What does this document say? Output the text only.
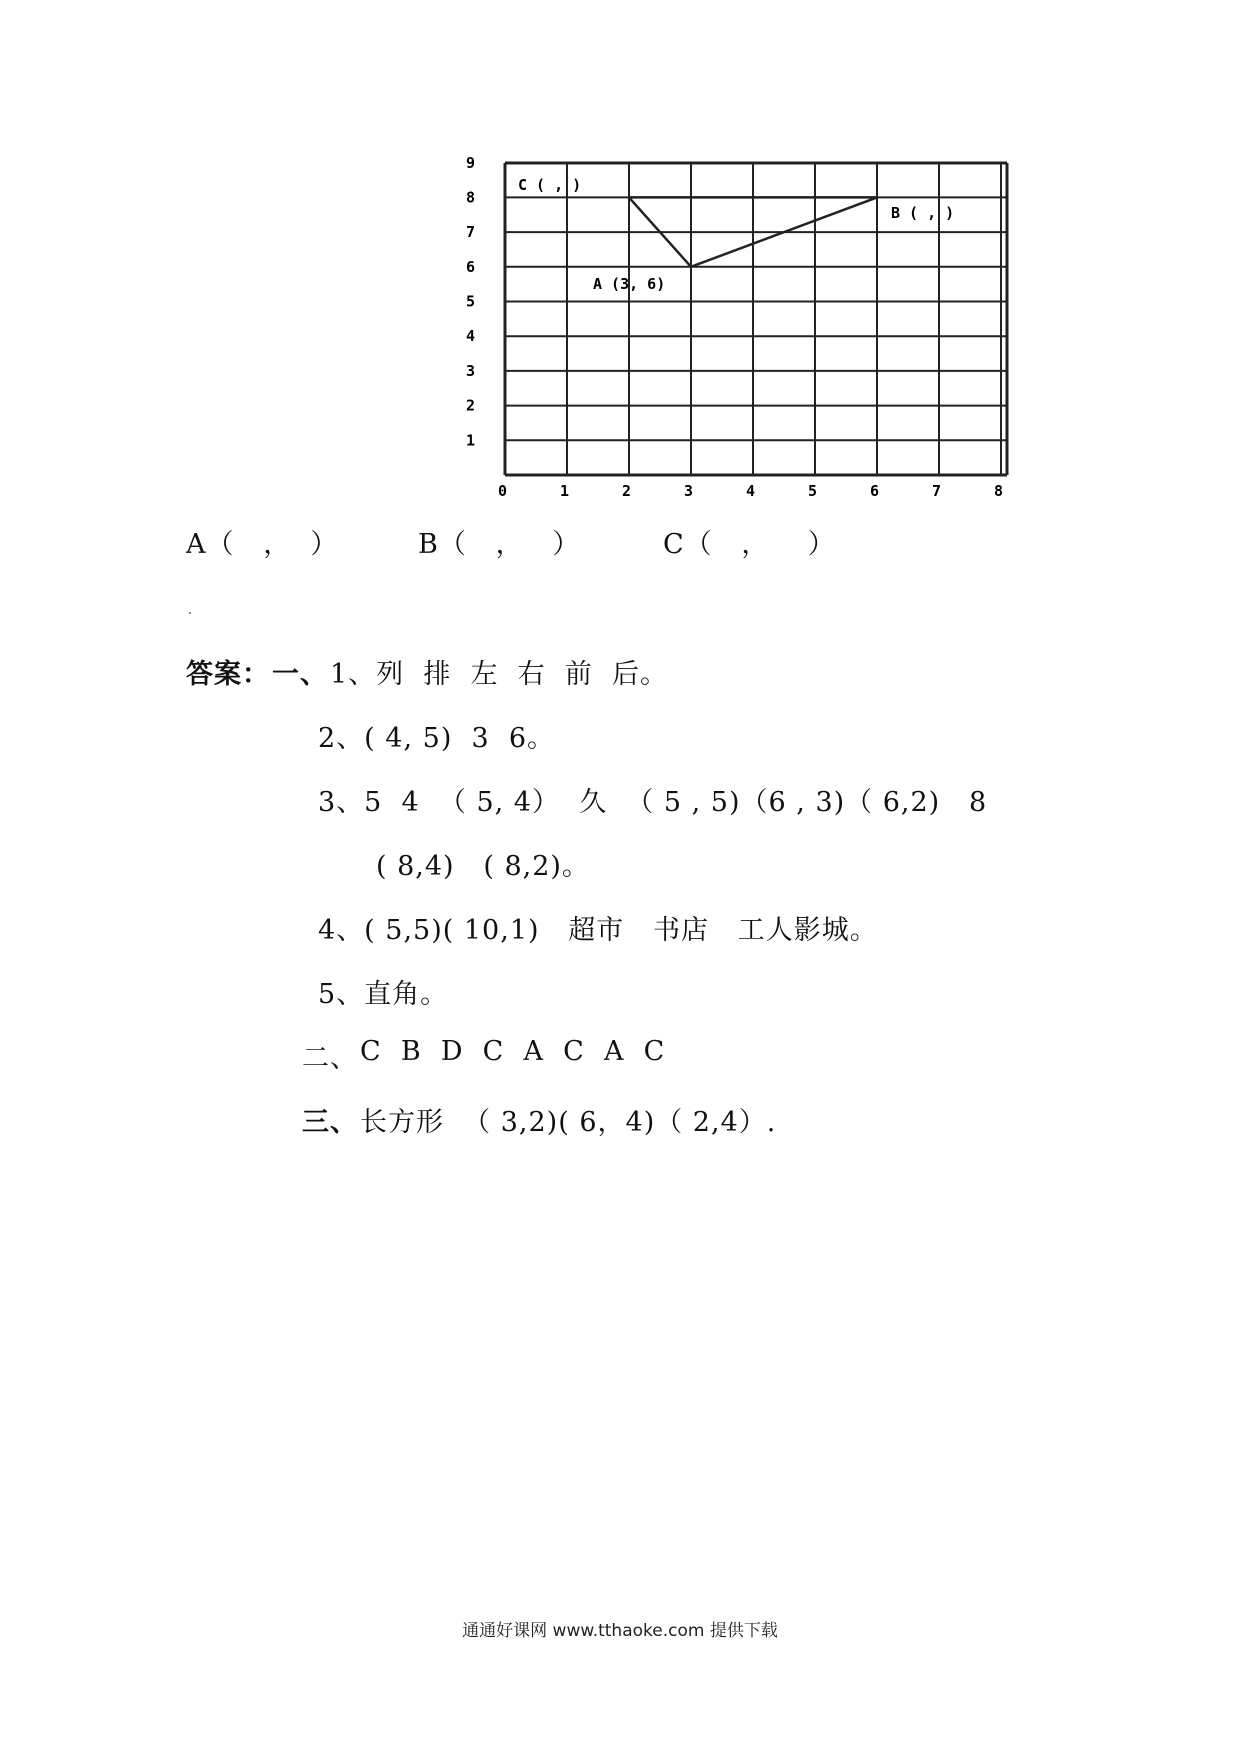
1
2
3
4
5
6
7
8
9
0	1	2	3	4	5	6	7	8
A (3, 6)
B ( , )
C ( , )
A（   ，  ）	B（   ，   ）	C（   ，    ）
答案： 一、 1、列  排  左  右  前  后。
2、( 4, 5)  3  6。
3、5  4  （ 5, 4）  久  （ 5 , 5)（6 , 3)（ 6,2)   8
( 8,4)   ( 8,2)。
4、( 5,5)( 10,1)   超市   书店   工人影城。
5、直角。
二、 C  B  D  C  A  C  A  C
三、 长方形  （ 3,2)( 6，4)（ 2,4）.
通通好课网 www.tthaoke.com 提供下载
